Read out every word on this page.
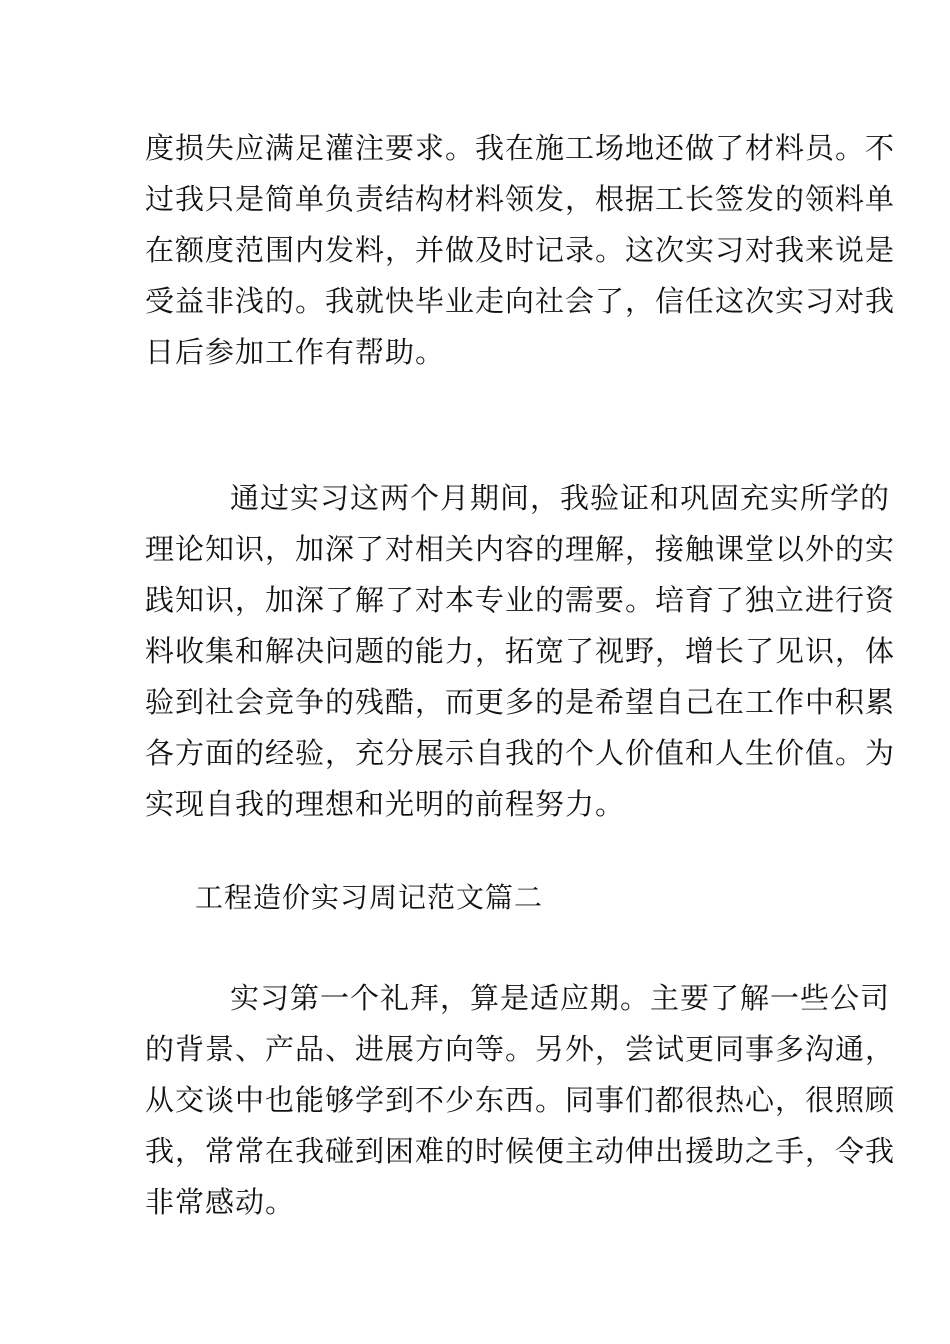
度损失应满足灌注要求。我在施工场地还做了材料员。不
过我只是简单负责结构材料领发，根据工长签发的领料单
在额度范围内发料，并做及时记录。这次实习对我来说是
受益非浅的。我就快毕业走向社会了，信任这次实习对我
日后参加工作有帮助。
通过实习这两个月期间，我验证和巩固充实所学的
理论知识，加深了对相关内容的理解，接触课堂以外的实
践知识，加深了解了对本专业的需要。培育了独立进行资
料收集和解决问题的能力，拓宽了视野，增长了见识，体
验到社会竞争的残酷，而更多的是希望自己在工作中积累
各方面的经验，充分展示自我的个人价值和人生价值。为
实现自我的理想和光明的前程努力。
工程造价实习周记范文篇二
实习第一个礼拜，算是适应期。主要了解一些公司
的背景、产品、进展方向等。另外，尝试更同事多沟通，
从交谈中也能够学到不少东西。同事们都很热心，很照顾
我，常常在我碰到困难的时候便主动伸出援助之手，令我
非常感动。
